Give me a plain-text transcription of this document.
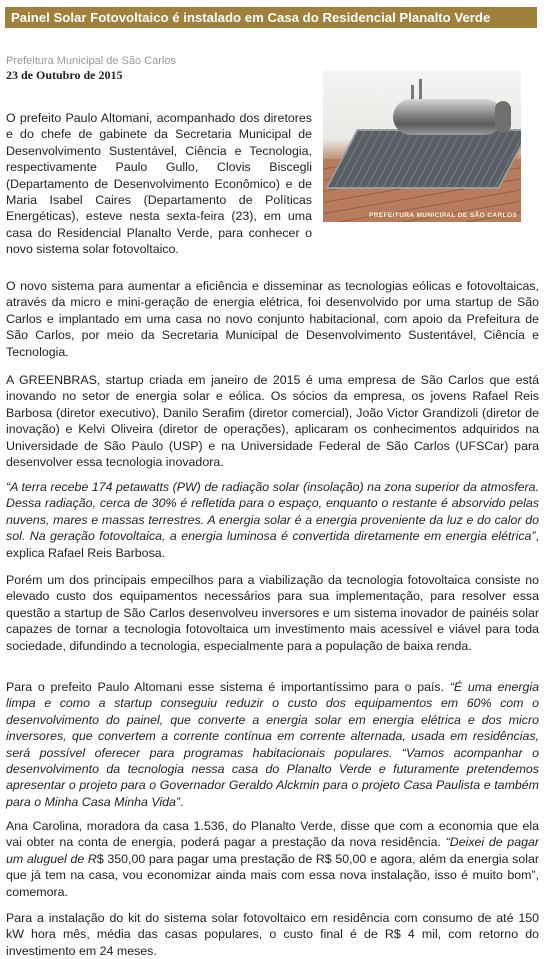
Painel Solar Fotovoltaico é instalado em Casa do Residencial Planalto Verde
Prefeitura Municipal de São Carlos
23 de Outubro de 2015
PREFEITURA MUNICIPAL DE SÃO CARLOS

O prefeito Paulo Altomani, acompanhado dos diretores e do chefe de gabinete da Secretaria Municipal de Desenvolvimento Sustentável, Ciência e Tecnologia, respectivamente Paulo Gullo, Clovis Biscegli (Departamento de Desenvolvimento Econômico) e de Maria Isabel Caires (Departamento de Políticas Energéticas), esteve nesta sexta-feira (23), em uma casa do Residencial Planalto Verde, para conhecer o novo sistema solar fotovoltaico.

O novo sistema para aumentar a eficiência e disseminar as tecnologias eólicas e fotovoltaicas, através da micro e mini-geração de energia elétrica, foi desenvolvido por uma startup de São Carlos e implantado em uma casa no novo conjunto habitacional, com apoio da Prefeitura de São Carlos, por meio da Secretaria Municipal de Desenvolvimento Sustentável, Ciência e Tecnologia.

A GREENBRAS, startup criada em janeiro de 2015 é uma empresa de São Carlos que está inovando no setor de energia solar e eólica. Os sócios da empresa, os jovens Rafael Reis Barbosa (diretor executivo), Danilo Serafim (diretor comercial), João Victor Grandizoli (diretor de inovação) e Kelvi Oliveira (diretor de operações), aplicaram os conhecimentos adquiridos na Universidade de São Paulo (USP) e na Universidade Federal de São Carlos (UFSCar) para desenvolver essa tecnologia inovadora.

“A terra recebe 174 petawatts (PW) de radiação solar (insolação) na zona superior da atmosfera. Dessa radiação, cerca de 30% é refletida para o espaço, enquanto o restante é absorvido pelas nuvens, mares e massas terrestres. A energia solar é a energia proveniente da luz e do calor do sol. Na geração fotovoltaica, a energia luminosa é convertida diretamente em energia elétrica”, explica Rafael Reis Barbosa.

Porém um dos principais empecilhos para a viabilização da tecnologia fotovoltaica consiste no elevado custo dos equipamentos necessários para sua implementação, para resolver essa questão a startup de São Carlos desenvolveu inversores e um sistema inovador de painéis solar capazes de tornar a tecnologia fotovoltaica um investimento mais acessível e viável para toda sociedade, difundindo a tecnologia, especialmente para a população de baixa renda.

Para o prefeito Paulo Altomani esse sistema é importantíssimo para o país. “É uma energia limpa e como a startup conseguiu reduzir o custo dos equipamentos em 60% com o desenvolvimento do painel, que converte a energia solar em energia elétrica e dos micro inversores, que convertem a corrente contínua em corrente alternada, usada em residências, será possível oferecer para programas habitacionais populares. “Vamos acompanhar o desenvolvimento da tecnologia nessa casa do Planalto Verde e futuramente pretendemos apresentar o projeto para o Governador Geraldo Alckmin para o projeto Casa Paulista e também para o Minha Casa Minha Vida”.

Ana Carolina, moradora da casa 1.536, do Planalto Verde, disse que com a economia que ela vai obter na conta de energia, poderá pagar a prestação da nova residência. “Deixei de pagar um aluguel de R$ 350,00 para pagar uma prestação de R$ 50,00 e agora, além da energia solar que já tem na casa, vou economizar ainda mais com essa nova instalação, isso é muito bom”, comemora.

Para a instalação do kit do sistema solar fotovoltaico em residência com consumo de até 150 kW hora mês, média das casas populares, o custo final é de R$ 4 mil, com retorno do investimento em 24 meses.
